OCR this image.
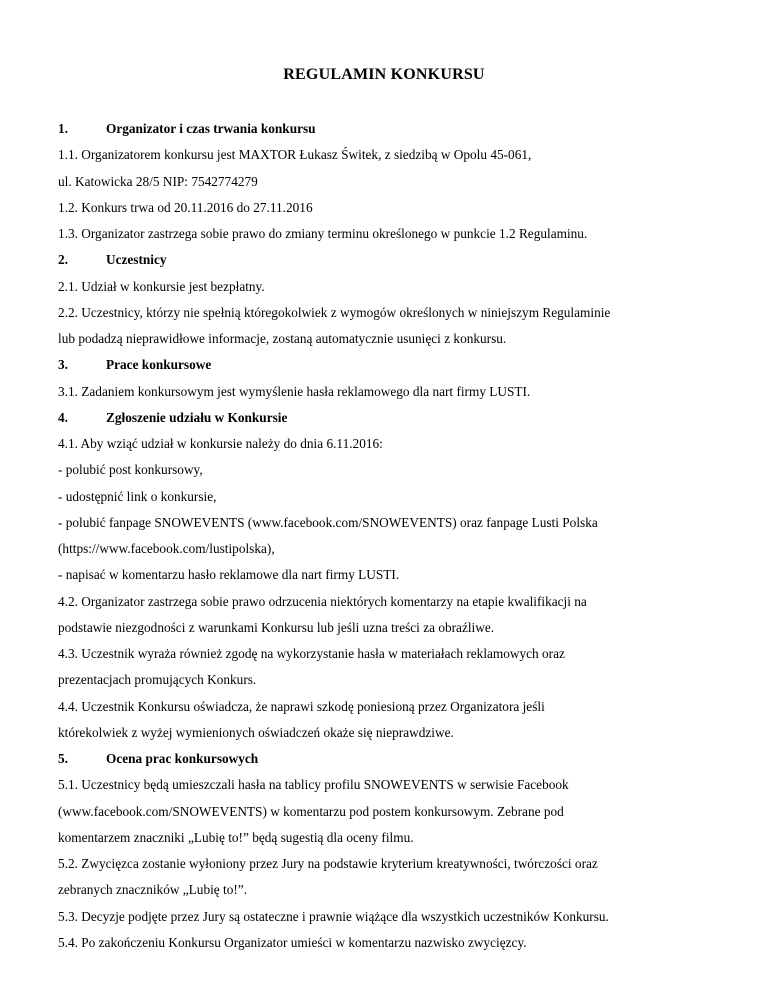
REGULAMIN KONKURSU
1.	Organizator i czas trwania konkursu
1.1. Organizatorem konkursu jest MAXTOR Łukasz Świtek, z siedzibą w Opolu 45-061,
ul. Katowicka 28/5 NIP: 7542774279
1.2. Konkurs trwa od 20.11.2016 do 27.11.2016
1.3. Organizator zastrzega sobie prawo do zmiany terminu określonego w punkcie 1.2 Regulaminu.
2.	Uczestnicy
2.1. Udział w konkursie jest bezpłatny.
2.2. Uczestnicy, którzy nie spełnią któregokolwiek z wymogów określonych w niniejszym Regulaminie
lub podadzą nieprawidłowe informacje, zostaną automatycznie usunięci z konkursu.
3.	Prace konkursowe
3.1. Zadaniem konkursowym jest wymyślenie hasła reklamowego dla nart firmy LUSTI.
4.	Zgłoszenie udziału w Konkursie
4.1. Aby wziąć udział w konkursie należy do dnia 6.11.2016:
- polubić post konkursowy,
- udostępnić link o konkursie,
- polubić fanpage SNOWEVENTS (www.facebook.com/SNOWEVENTS) oraz fanpage Lusti Polska
(https://www.facebook.com/lustipolska),
- napisać w komentarzu hasło reklamowe dla nart firmy LUSTI.
4.2. Organizator zastrzega sobie prawo odrzucenia niektórych komentarzy na etapie kwalifikacji na
podstawie niezgodności z warunkami Konkursu lub jeśli uzna treści za obraźliwe.
4.3. Uczestnik wyraża również zgodę na wykorzystanie hasła w materiałach reklamowych oraz
prezentacjach promujących Konkurs.
4.4. Uczestnik Konkursu oświadcza, że naprawi szkodę poniesioną przez Organizatora jeśli
którekolwiek z wyżej wymienionych oświadczeń okaże się nieprawdziwe.
5.	Ocena prac konkursowych
5.1. Uczestnicy będą umieszczali hasła na tablicy profilu SNOWEVENTS w serwisie Facebook
(www.facebook.com/SNOWEVENTS) w komentarzu pod postem konkursowym. Zebrane pod
komentarzem znaczniki „Lubię to!” będą sugestią dla oceny filmu.
5.2. Zwycięzca zostanie wyłoniony przez Jury na podstawie kryterium kreatywności, twórczości oraz
zebranych znaczników „Lubię to!”.
5.3. Decyzje podjęte przez Jury są ostateczne i prawnie wiążące dla wszystkich uczestników Konkursu.
5.4. Po zakończeniu Konkursu Organizator umieści w komentarzu nazwisko zwycięzcy.
